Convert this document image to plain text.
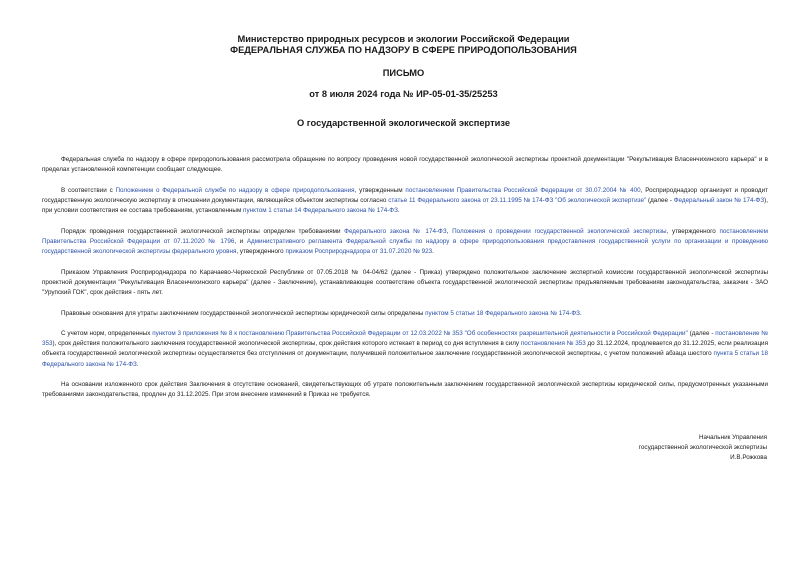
Министерство природных ресурсов и экологии Российской Федерации
ФЕДЕРАЛЬНАЯ СЛУЖБА ПО НАДЗОРУ В СФЕРЕ ПРИРОДОПОЛЬЗОВАНИЯ
ПИСЬМО
от 8 июля 2024 года № ИР-05-01-35/25253
О государственной экологической экспертизе

Федеральная служба по надзору в сфере природопользования рассмотрела обращение по вопросу проведения новой государственной экологической экспертизы проектной документации "Рекультивация Власенчихинского карьера" и в пределах установленной компетенции сообщает следующее.

В соответствии с Положением о Федеральной службе по надзору в сфере природопользования, утвержденным постановлением Правительства Российской Федерации от 30.07.2004 № 400, Росприроднадзор организует и проводит государственную экологическую экспертизу в отношении документации, являющейся объектом экспертизы согласно статье 11 Федерального закона от 23.11.1995 № 174-ФЗ "Об экологической экспертизе" (далее - Федеральный закон № 174-ФЗ), при условии соответствия ее состава требованиям, установленным пунктом 1 статьи 14 Федерального закона № 174-ФЗ.

Порядок проведения государственной экологической экспертизы определен требованиями Федерального закона № 174-ФЗ, Положения о проведении государственной экологической экспертизы, утвержденного постановлением Правительства Российской Федерации от 07.11.2020 № 1796, и Административного регламента Федеральной службы по надзору в сфере природопользования предоставления государственной услуги по организации и проведению государственной экологической экспертизы федерального уровня, утвержденного приказом Росприроднадзора от 31.07.2020 № 923.

Приказом Управления Росприроднадзора по Карачаево-Черкесской Республике от 07.05.2018 № 04-04/62 (далее - Приказ) утверждено положительное заключение экспертной комиссии государственной экологической экспертизы проектной документации "Рекультивация Власенчихинского карьера" (далее - Заключение), устанавливающее соответствие объекта государственной экологической экспертизы предъявляемым требованиям законодательства, заказчик - ЗАО "Урупский ГОК", срок действия - пять лет.

Правовые основания для утраты заключением государственной экологической экспертизы юридической силы определены пунктом 5 статьи 18 Федерального закона № 174-ФЗ.

С учетом норм, определенных пунктом 3 приложения № 8 к постановлению Правительства Российской Федерации от 12.03.2022 № 353 "Об особенностях разрешительной деятельности в Российской Федерации" (далее - постановление № 353), срок действия положительного заключения государственной экологической экспертизы, срок действия которого истекает в период со дня вступления в силу постановления № 353 до 31.12.2024, продлевается до 31.12.2025, если реализация объекта государственной экологической экспертизы осуществляется без отступления от документации, получившей положительное заключение государственной экологической экспертизы, с учетом положений абзаца шестого пункта 5 статьи 18 Федерального закона № 174-ФЗ.

На основании изложенного срок действия Заключения в отсутствие оснований, свидетельствующих об утрате положительным заключением государственной экологической экспертизы юридической силы, предусмотренных указанными требованиями законодательства, продлен до 31.12.2025. При этом внесение изменений в Приказ не требуется.

Начальник Управления
государственной экологической экспертизы
И.В.Рожкова
